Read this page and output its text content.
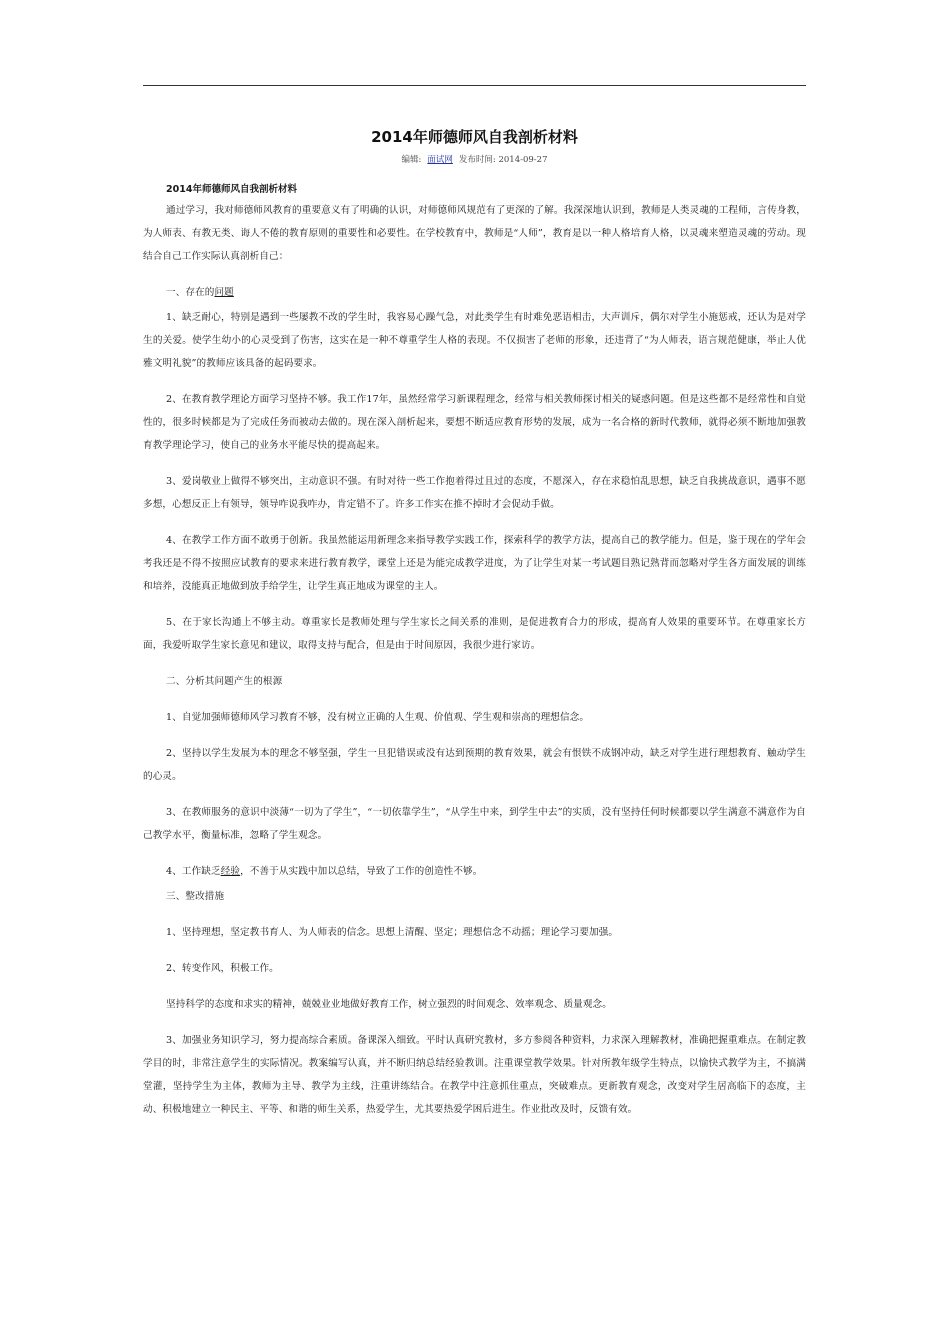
2014年师德师风自我剖析材料
编辑: 面试网 发布时间: 2014-09-27
2014年师德师风自我剖析材料

通过学习，我对师德师风教育的重要意义有了明确的认识，对师德师风规范有了更深的了解。我深深地认识到，教师是人类灵魂的工程师，言传身教，为人师表、有教无类、诲人不倦的教育原则的重要性和必要性。在学校教育中，教师是“人师”，教育是以一种人格培育人格，以灵魂来塑造灵魂的劳动。现结合自己工作实际认真剖析自己：

一、存在的问题

1、缺乏耐心，特别是遇到一些屡教不改的学生时，我容易心躁气急，对此类学生有时难免恶语相击，大声训斥，偶尔对学生小施惩戒，还认为是对学生的关爱。使学生幼小的心灵受到了伤害，这实在是一种不尊重学生人格的表现。不仅损害了老师的形象，还违背了“为人师表，语言规范健康，举止人优雅文明礼貌”的教师应该具备的起码要求。

2、在教育教学理论方面学习坚持不够。我工作17年，虽然经常学习新课程理念，经常与相关教师探讨相关的疑惑问题。但是这些都不是经常性和自觉性的，很多时候都是为了完成任务而被动去做的。现在深入剖析起来，要想不断适应教育形势的发展，成为一名合格的新时代教师，就得必须不断地加强教育教学理论学习，使自己的业务水平能尽快的提高起来。

3、爱岗敬业上做得不够突出，主动意识不强。有时对待一些工作抱着得过且过的态度，不愿深入，存在求稳怕乱思想，缺乏自我挑战意识，遇事不愿多想，心想反正上有领导，领导咋说我咋办，肯定错不了。许多工作实在推不掉时才会促动手做。

4、在教学工作方面不敢勇于创新。我虽然能运用新理念来指导教学实践工作，探索科学的教学方法，提高自己的教学能力。但是，鉴于现在的学年会考我还是不得不按照应试教育的要求来进行教育教学，课堂上还是为能完成教学进度，为了让学生对某一考试题目熟记熟背而忽略对学生各方面发展的训练和培养，没能真正地做到放手给学生，让学生真正地成为课堂的主人。

5、在于家长沟通上不够主动。尊重家长是教师处理与学生家长之间关系的准则，是促进教育合力的形成，提高育人效果的重要环节。在尊重家长方面，我爱听取学生家长意见和建议，取得支持与配合，但是由于时间原因，我很少进行家访。

二、分析其问题产生的根源

1、自觉加强师德师风学习教育不够，没有树立正确的人生观、价值观、学生观和崇高的理想信念。

2、坚持以学生发展为本的理念不够坚强，学生一旦犯错误或没有达到预期的教育效果，就会有恨铁不成钢冲动，缺乏对学生进行理想教育、触动学生的心灵。

3、在教师服务的意识中淡薄“一切为了学生”，“一切依靠学生”，“从学生中来，到学生中去”的实质，没有坚持任何时候都要以学生满意不满意作为自己教学水平，衡量标准，忽略了学生观念。

4、工作缺乏经验，不善于从实践中加以总结，导致了工作的创造性不够。

三、整改措施

1、坚持理想，坚定教书育人、为人师表的信念。思想上清醒、坚定；理想信念不动摇；理论学习要加强。

2、转变作风，积极工作。

坚持科学的态度和求实的精神，兢兢业业地做好教育工作，树立强烈的时间观念、效率观念、质量观念。

3、加强业务知识学习，努力提高综合素质。备课深入细致。平时认真研究教材，多方参阅各种资料，力求深入理解教材，准确把握重难点。在制定教学目的时，非常注意学生的实际情况。教案编写认真，并不断归纳总结经验教训。注重课堂教学效果。针对所教年级学生特点，以愉快式教学为主，不搞满堂灌，坚持学生为主体，教师为主导、教学为主线，注重讲练结合。在教学中注意抓住重点，突破难点。更新教育观念，改变对学生居高临下的态度，主动、积极地建立一种民主、平等、和谐的师生关系，热爱学生，尤其要热爱学困后进生。作业批改及时，反馈有效。
